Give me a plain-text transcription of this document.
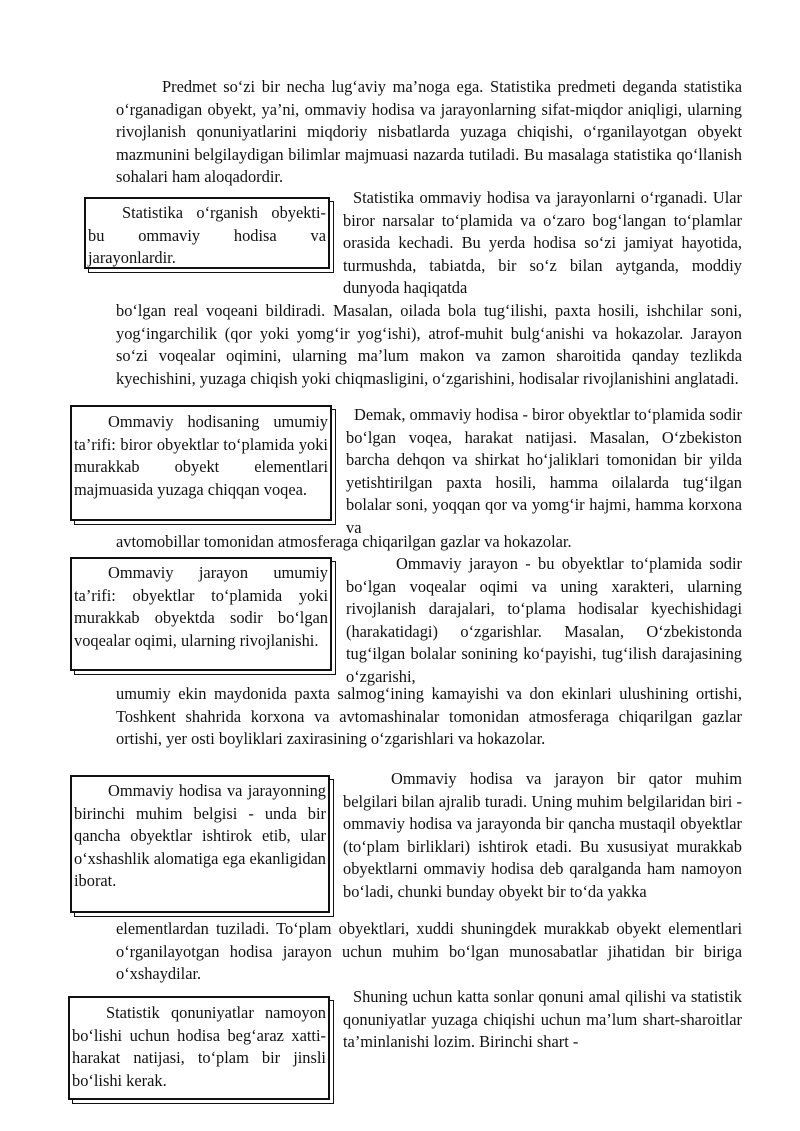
Predmet so‘zi bir necha lug‘aviy ma’noga ega. Statistika predmeti deganda statistika o‘rganadigan obyekt, ya’ni, ommaviy hodisa va jarayonlarning sifat-miqdor aniqligi, ularning rivojlanish qonuniyatlarini miqdoriy nisbatlarda yuzaga chiqishi, o‘rganilayotgan obyekt mazmunini belgilaydigan bilimlar majmuasi nazarda tutiladi. Bu masalaga statistika qo‘llanish sohalari ham aloqadordir.

Statistika o‘rganish obyekti- bu ommaviy hodisa va jarayonlardir.

Statistika ommaviy hodisa va jarayonlarni o‘rganadi. Ular biror narsalar to‘plamida va o‘zaro bog‘langan to‘plamlar orasida kechadi. Bu yerda hodisa so‘zi jamiyat hayotida, turmushda, tabiatda, bir so‘z bilan aytganda, moddiy dunyoda haqiqatda

bo‘lgan real voqeani bildiradi. Masalan, oilada bola tug‘ilishi, paxta hosili, ishchilar soni, yog‘ingarchilik (qor yoki yomg‘ir yog‘ishi), atrof-muhit bulg‘anishi va hokazolar. Jarayon so‘zi voqealar oqimini, ularning ma’lum makon va zamon sharoitida qanday tezlikda kyechishini, yuzaga chiqish yoki chiqmasligini, o‘zgarishini, hodisalar rivojlanishini anglatadi.

Ommaviy hodisaning umumiy ta’rifi: biror obyektlar to‘plamida yoki murakkab obyekt elementlari majmuasida yuzaga chiqqan voqea.

Demak, ommaviy hodisa - biror obyektlar to‘plamida sodir bo‘lgan voqea, harakat natijasi. Masalan, O‘zbekiston barcha dehqon va shirkat ho‘jaliklari tomonidan bir yilda yetishtirilgan paxta hosili, hamma oilalarda tug‘ilgan bolalar soni, yoqqan qor va yomg‘ir hajmi, hamma korxona va

avtomobillar tomonidan atmosferaga chiqarilgan gazlar va hokazolar.

Ommaviy jarayon umumiy ta’rifi: obyektlar to‘plamida yoki murakkab obyektda sodir bo‘lgan voqealar oqimi, ularning rivojlanishi.

Ommaviy jarayon - bu obyektlar to‘plamida sodir bo‘lgan voqealar oqimi va uning xarakteri, ularning rivojlanish darajalari, to‘plama hodisalar kyechishidagi (harakatidagi) o‘zgarishlar. Masalan, O‘zbekistonda tug‘ilgan bolalar sonining ko‘payishi, tug‘ilish darajasining o‘zgarishi,

umumiy ekin maydonida paxta salmog‘ining kamayishi va don ekinlari ulushining ortishi, Toshkent shahrida korxona va avtomashinalar tomonidan atmosferaga chiqarilgan gazlar ortishi, yer osti boyliklari zaxirasining o‘zgarishlari va hokazolar.

Ommaviy hodisa va jarayonning birinchi muhim belgisi - unda bir qancha obyektlar ishtirok etib, ular o‘xshashlik alomatiga ega ekanligidan iborat.

Ommaviy hodisa va jarayon bir qator muhim belgilari bilan ajralib turadi. Uning muhim belgilaridan biri - ommaviy hodisa va jarayonda bir qancha mustaqil obyektlar (to‘plam birliklari) ishtirok etadi. Bu xususiyat murakkab obyektlarni ommaviy hodisa deb qaralganda ham namoyon bo‘ladi, chunki bunday obyekt bir to‘da yakka

elementlardan tuziladi. To‘plam obyektlari, xuddi shuningdek murakkab obyekt elementlari o‘rganilayotgan hodisa jarayon uchun muhim bo‘lgan munosabatlar jihatidan bir biriga o‘xshaydilar.

Statistik qonuniyatlar namoyon bo‘lishi uchun hodisa beg‘araz xatti-harakat natijasi, to‘plam bir jinsli bo‘lishi kerak.

Shuning uchun katta sonlar qonuni amal qilishi va statistik qonuniyatlar yuzaga chiqishi uchun ma’lum shart-sharoitlar ta’minlanishi lozim. Birinchi shart -
